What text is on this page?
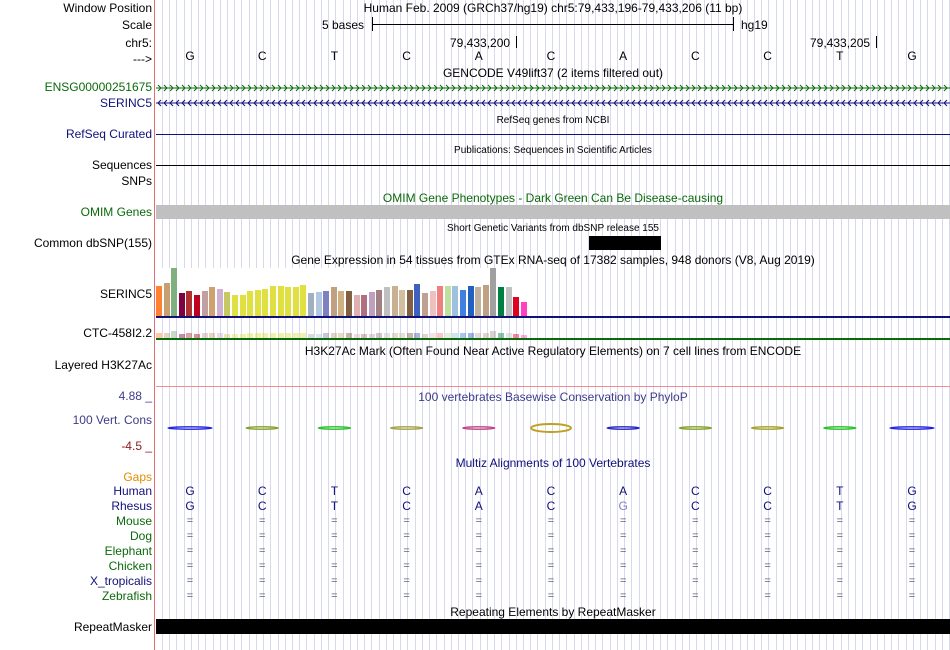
Window Position
Scale
chr5:
--->
Human Feb. 2009 (GRCh37/hg19) chr5:79,433,196-79,433,206 (11 bp)
5 bases	hg19
79,433,200	79,433,205
G	C	T	C	A	C	A	C	C	T	G
GENCODE V49lift37 (2 items filtered out)
ENSG00000251675
SERINC5
RefSeq genes from NCBI
RefSeq Curated
Publications: Sequences in Scientific Articles
Sequences
SNPs
OMIM Gene Phenotypes - Dark Green Can Be Disease-causing
OMIM Genes
Short Genetic Variants from dbSNP release 155
Common dbSNP(155)
Gene Expression in 54 tissues from GTEx RNA-seq of 17382 samples, 948 donors (V8, Aug 2019)
SERINC5
CTC-458I2.2
H3K27Ac Mark (Often Found Near Active Regulatory Elements) on 7 cell lines from ENCODE
Layered H3K27Ac
100 vertebrates Basewise Conservation by PhyloP
4.88 _
100 Vert. Cons
-4.5 _
Gaps
Multiz Alignments of 100 Vertebrates
Human	G	C	T	C	A	C	A	C	C	T	G
Rhesus	G	C	T	C	A	C	G	C	C	T	G
Mouse	=	=	=	=	=	=	=	=	=	=	=
Dog	=	=	=	=	=	=	=	=	=	=	=
Elephant	=	=	=	=	=	=	=	=	=	=	=
Chicken	=	=	=	=	=	=	=	=	=	=	=
X_tropicalis	=	=	=	=	=	=	=	=	=	=	=
Zebrafish	=	=	=	=	=	=	=	=	=	=	=
Repeating Elements by RepeatMasker
RepeatMasker
